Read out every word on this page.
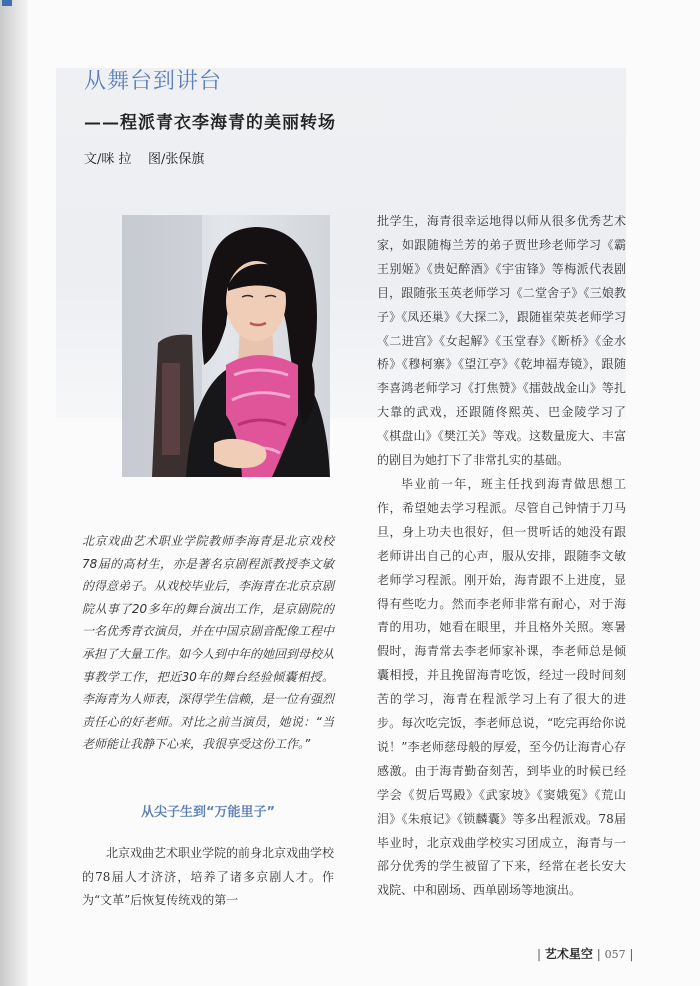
从舞台到讲台
——程派青衣李海青的美丽转场

文/咪 拉    图/张保旗

北京戏曲艺术职业学院教师李海青是北京戏校78届的高材生，亦是著名京剧程派教授李文敏的得意弟子。从戏校毕业后，李海青在北京京剧院从事了20多年的舞台演出工作，是京剧院的一名优秀青衣演员，并在中国京剧音配像工程中承担了大量工作。如今人到中年的她回到母校从事教学工作，把近30年的舞台经验倾囊相授。李海青为人师表，深得学生信赖，是一位有强烈责任心的好老师。对比之前当演员，她说：“当老师能让我静下心来，我很享受这份工作。”

从尖子生到“万能里子”

北京戏曲艺术职业学院的前身北京戏曲学校的78届人才济济，培养了诸多京剧人才。作为“文革”后恢复传统戏的第一

批学生，海青很幸运地得以师从很多优秀艺术家，如跟随梅兰芳的弟子贾世珍老师学习《霸王别姬》《贵妃醉酒》《宇宙锋》等梅派代表剧目，跟随张玉英老师学习《二堂舍子》《三娘教子》《凤还巢》《大探二》，跟随崔荣英老师学习《二进宫》《女起解》《玉堂春》《断桥》《金水桥》《穆柯寨》《望江亭》《乾坤福寿镜》，跟随李喜鸿老师学习《打焦赞》《擂鼓战金山》等扎大靠的武戏，还跟随佟熙英、巴金陵学习了《棋盘山》《樊江关》等戏。这数量庞大、丰富的剧目为她打下了非常扎实的基础。

毕业前一年，班主任找到海青做思想工作，希望她去学习程派。尽管自己钟情于刀马旦，身上功夫也很好，但一贯听话的她没有跟老师讲出自己的心声，服从安排，跟随李文敏老师学习程派。刚开始，海青跟不上进度，显得有些吃力。然而李老师非常有耐心，对于海青的用功，她看在眼里，并且格外关照。寒暑假时，海青常去李老师家补课，李老师总是倾囊相授，并且挽留海青吃饭，经过一段时间刻苦的学习，海青在程派学习上有了很大的进步。每次吃完饭，李老师总说，“吃完再给你说说！”李老师慈母般的厚爱，至今仍让海青心存感激。由于海青勤奋刻苦，到毕业的时候已经学会《贺后骂殿》《武家坡》《窦娥冤》《荒山泪》《朱痕记》《锁麟囊》等多出程派戏。78届毕业时，北京戏曲学校实习团成立，海青与一部分优秀的学生被留了下来，经常在老长安大戏院、中和剧场、西单剧场等地演出。

| 艺术星空 | 057 |
